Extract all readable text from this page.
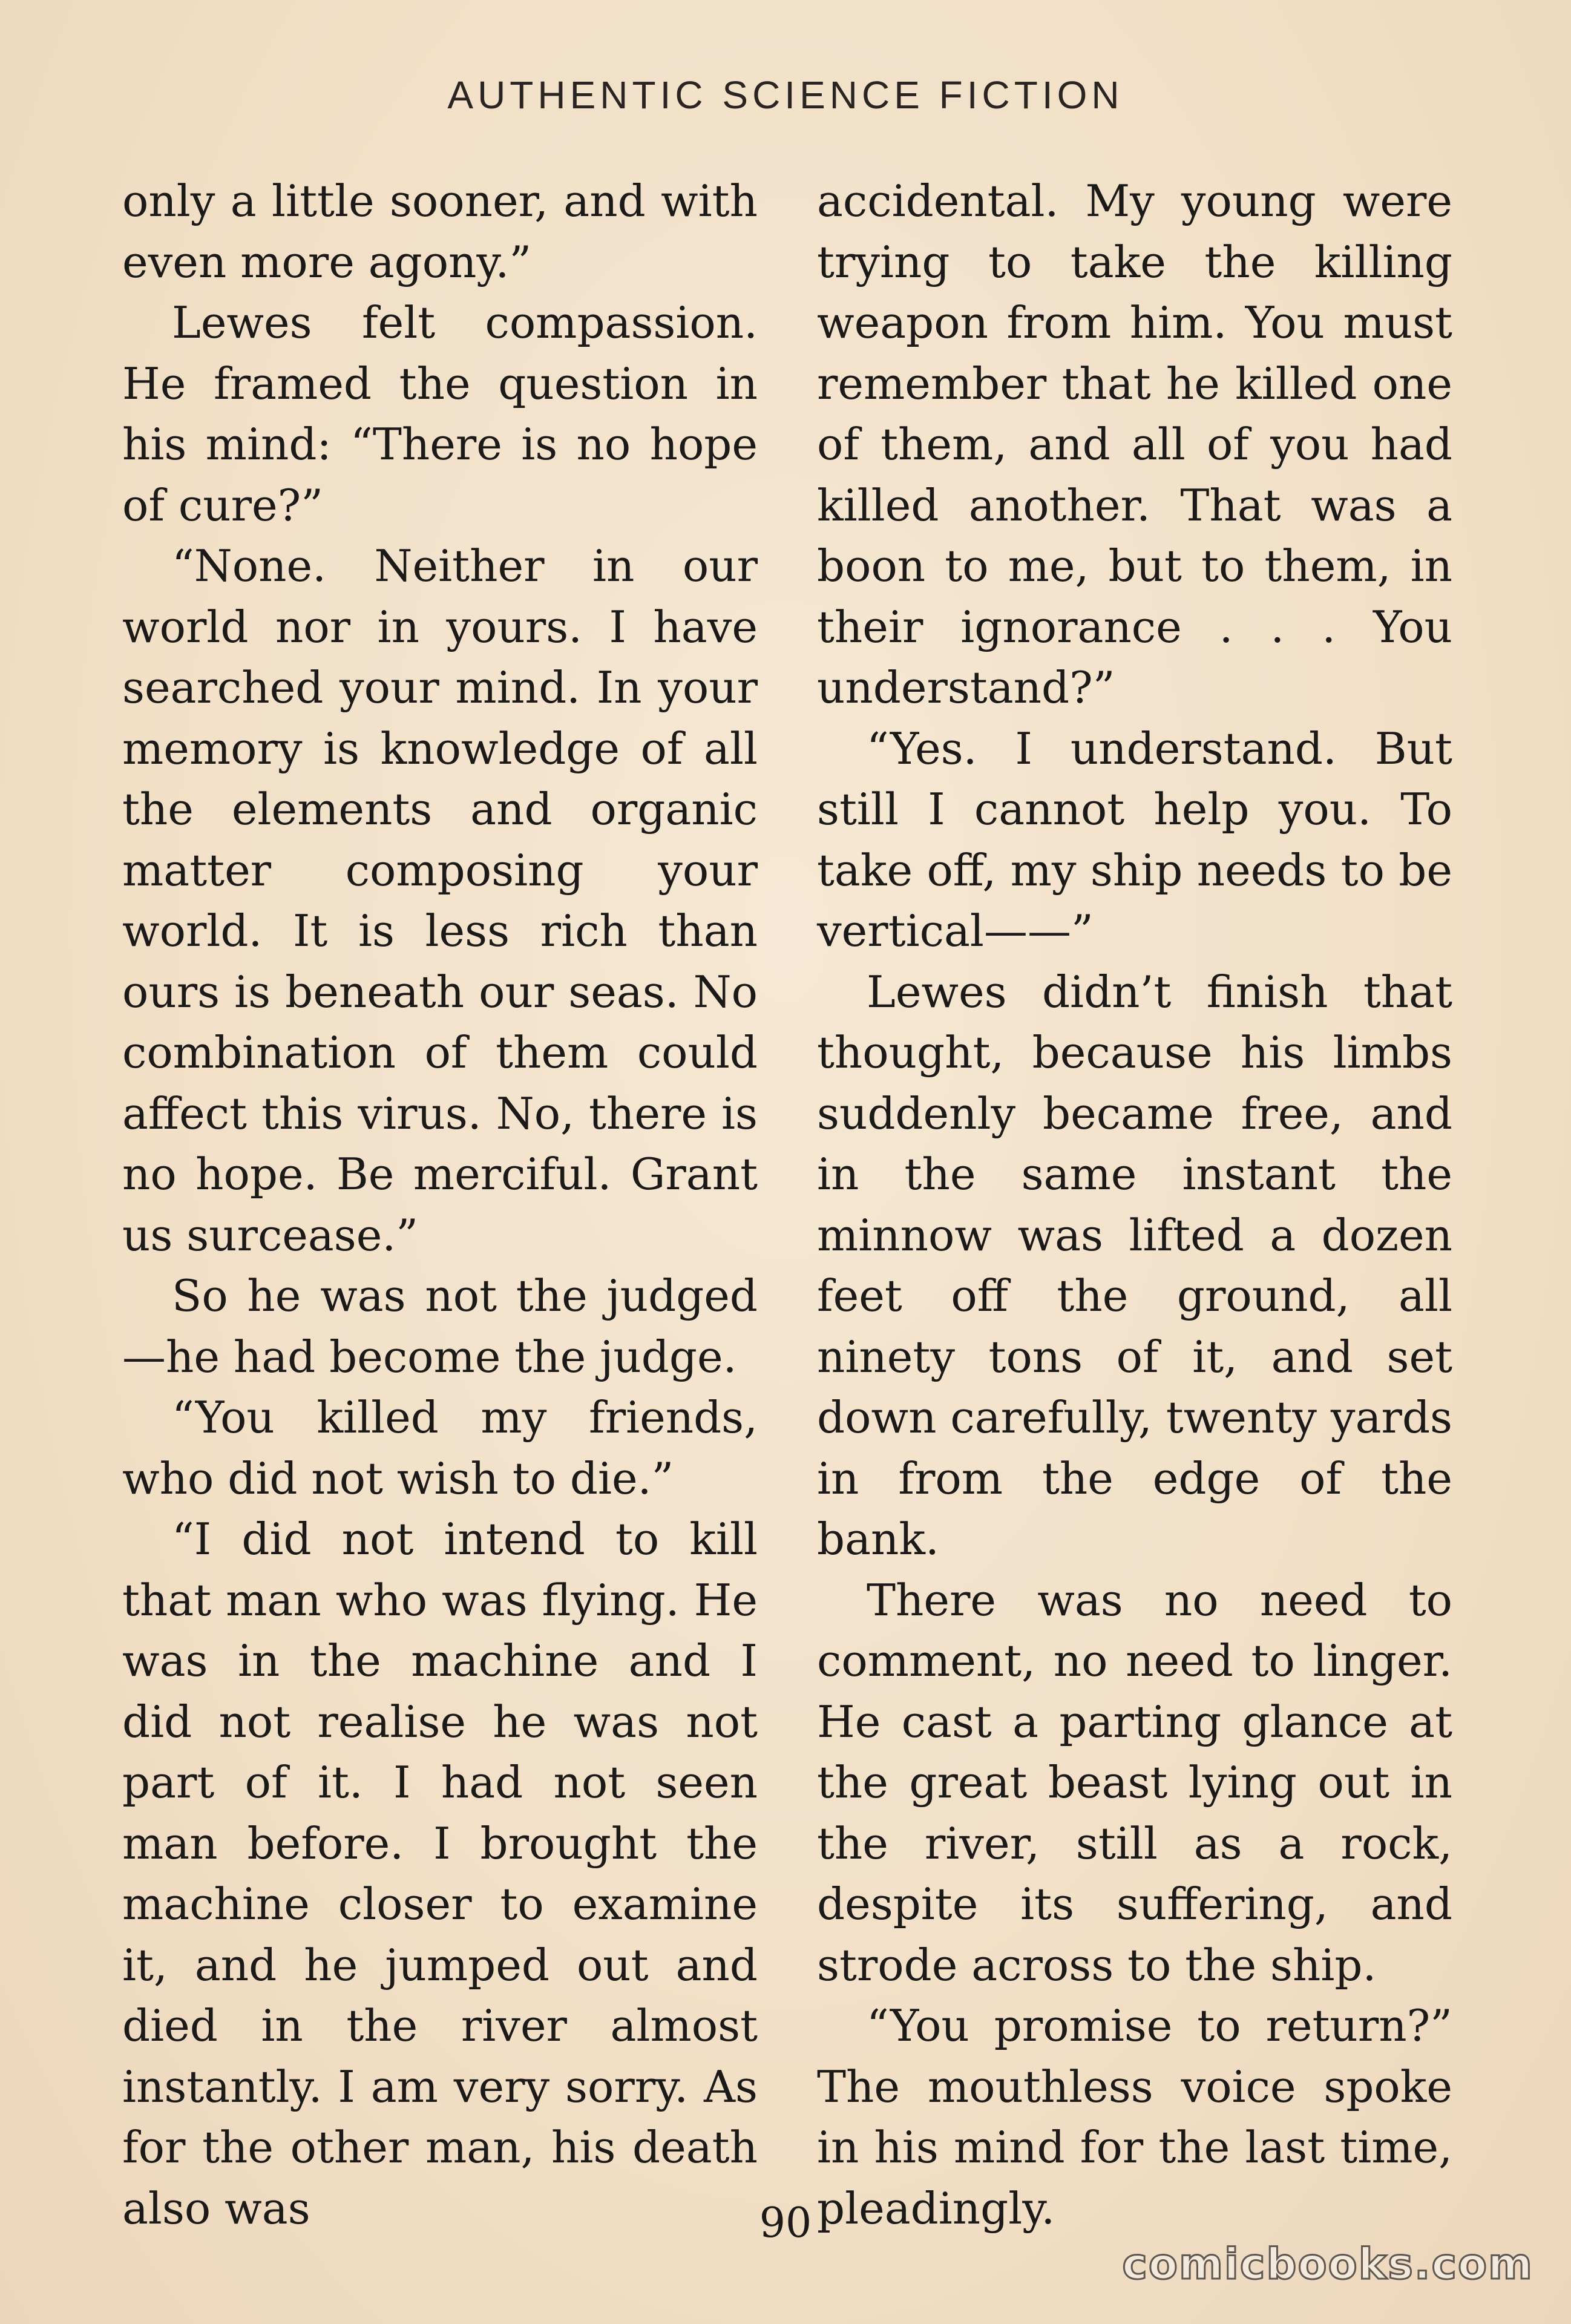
AUTHENTIC SCIENCE FICTION

only a little sooner, and with even more agony.”

Lewes felt compassion. He framed the question in his mind: “There is no hope of cure?”

“None. Neither in our world nor in yours. I have searched your mind. In your memory is knowledge of all the elements and organic matter composing your world. It is less rich than ours is beneath our seas. No combination of them could affect this virus. No, there is no hope. Be merciful. Grant us surcease.”

So he was not the judged—he had become the judge.

“You killed my friends, who did not wish to die.”

“I did not intend to kill that man who was flying. He was in the machine and I did not realise he was not part of it. I had not seen man before. I brought the machine closer to examine it, and he jumped out and died in the river almost instantly. I am very sorry. As for the other man, his death also was

accidental. My young were trying to take the killing weapon from him. You must remember that he killed one of them, and all of you had killed another. That was a boon to me, but to them, in their ignorance . . . You understand?”

“Yes. I understand. But still I cannot help you. To take off, my ship needs to be vertical——”

Lewes didn’t finish that thought, because his limbs suddenly became free, and in the same instant the minnow was lifted a dozen feet off the ground, all ninety tons of it, and set down carefully, twenty yards in from the edge of the bank.

There was no need to comment, no need to linger. He cast a parting glance at the great beast lying out in the river, still as a rock, despite its suffering, and strode across to the ship.

“You promise to return?” The mouthless voice spoke in his mind for the last time, pleadingly.

90
comicbooks.com
